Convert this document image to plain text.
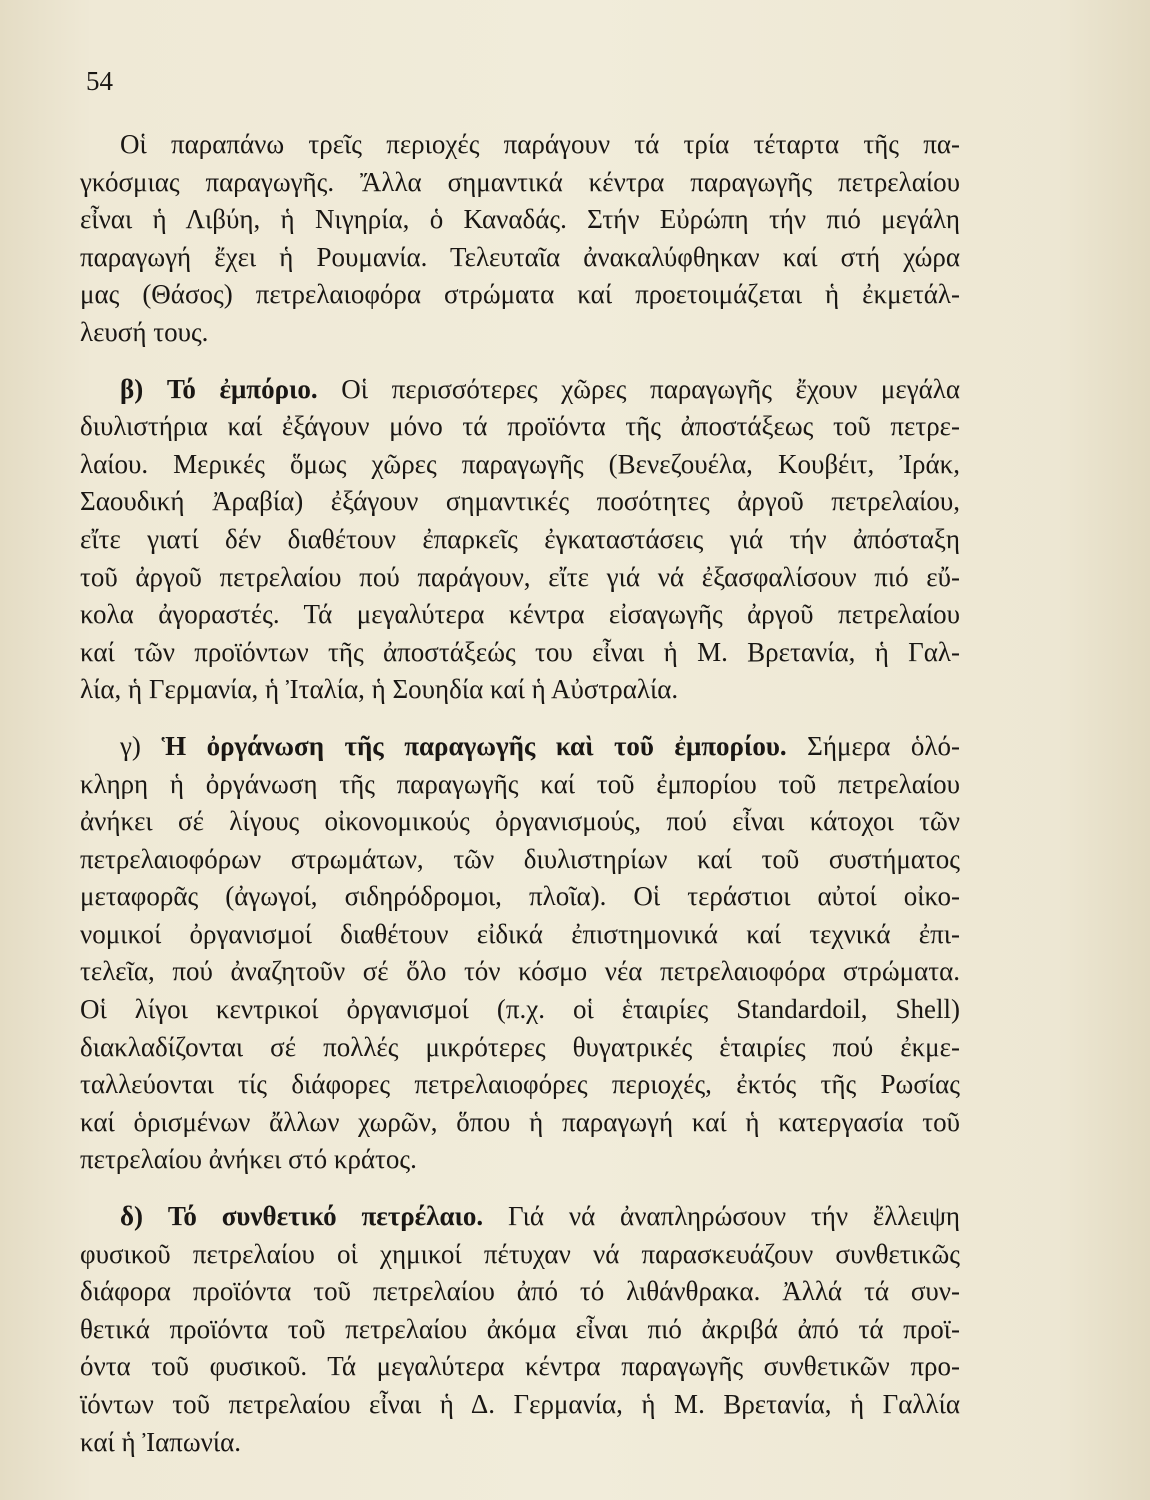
54

Οἱ παραπάνω τρεῖς περιοχές παράγουν τά τρία τέταρτα τῆς πα-
γκόσμιας παραγωγῆς. Ἄλλα σημαντικά κέντρα παραγωγῆς πετρελαίου
εἶναι ἡ Λιβύη, ἡ Νιγηρία, ὁ Καναδάς. Στήν Εὐρώπη τήν πιό μεγάλη
παραγωγή ἔχει ἡ Ρουμανία. Τελευταῖα ἀνακαλύφθηκαν καί στή χώρα
μας (Θάσος) πετρελαιοφόρα στρώματα καί προετοιμάζεται ἡ ἐκμετάλ-
λευσή τους.

β) Τό ἐμπόριο. Οἱ περισσότερες χῶρες παραγωγῆς ἔχουν μεγάλα
διυλιστήρια καί ἐξάγουν μόνο τά προϊόντα τῆς ἀποστάξεως τοῦ πετρε-
λαίου. Μερικές ὅμως χῶρες παραγωγῆς (Βενεζουέλα, Κουβέιτ, Ἰράκ,
Σαουδική Ἀραβία) ἐξάγουν σημαντικές ποσότητες ἀργοῦ πετρελαίου,
εἴτε γιατί δέν διαθέτουν ἐπαρκεῖς ἐγκαταστάσεις γιά τήν ἀπόσταξη
τοῦ ἀργοῦ πετρελαίου πού παράγουν, εἴτε γιά νά ἐξασφαλίσουν πιό εὔ-
κολα ἀγοραστές. Τά μεγαλύτερα κέντρα εἰσαγωγῆς ἀργοῦ πετρελαίου
καί τῶν προϊόντων τῆς ἀποστάξεώς του εἶναι ἡ Μ. Βρετανία, ἡ Γαλ-
λία, ἡ Γερμανία, ἡ Ἰταλία, ἡ Σουηδία καί ἡ Αὐστραλία.

γ) Ἡ ὀργάνωση τῆς παραγωγῆς καὶ τοῦ ἐμπορίου. Σήμερα ὁλό-
κληρη ἡ ὀργάνωση τῆς παραγωγῆς καί τοῦ ἐμπορίου τοῦ πετρελαίου
ἀνήκει σέ λίγους οἰκονομικούς ὀργανισμούς, πού εἶναι κάτοχοι τῶν
πετρελαιοφόρων στρωμάτων, τῶν διυλιστηρίων καί τοῦ συστήματος
μεταφορᾶς (ἀγωγοί, σιδηρόδρομοι, πλοῖα). Οἱ τεράστιοι αὐτοί οἰκο-
νομικοί ὀργανισμοί διαθέτουν εἰδικά ἐπιστημονικά καί τεχνικά ἐπι-
τελεῖα, πού ἀναζητοῦν σέ ὅλο τόν κόσμο νέα πετρελαιοφόρα στρώματα.
Οἱ λίγοι κεντρικοί ὀργανισμοί (π.χ. οἱ ἑταιρίες Standardoil, Shell)
διακλαδίζονται σέ πολλές μικρότερες θυγατρικές ἑταιρίες πού ἐκμε-
ταλλεύονται τίς διάφορες πετρελαιοφόρες περιοχές, ἐκτός τῆς Ρωσίας
καί ὁρισμένων ἄλλων χωρῶν, ὅπου ἡ παραγωγή καί ἡ κατεργασία τοῦ
πετρελαίου ἀνήκει στό κράτος.

δ) Τό συνθετικό πετρέλαιο. Γιά νά ἀναπληρώσουν τήν ἔλλειψη
φυσικοῦ πετρελαίου οἱ χημικοί πέτυχαν νά παρασκευάζουν συνθετικῶς
διάφορα προϊόντα τοῦ πετρελαίου ἀπό τό λιθάνθρακα. Ἀλλά τά συν-
θετικά προϊόντα τοῦ πετρελαίου ἀκόμα εἶναι πιό ἀκριβά ἀπό τά προϊ-
όντα τοῦ φυσικοῦ. Τά μεγαλύτερα κέντρα παραγωγῆς συνθετικῶν προ-
ϊόντων τοῦ πετρελαίου εἶναι ἡ Δ. Γερμανία, ἡ Μ. Βρετανία, ἡ Γαλλία
καί ἡ Ἰαπωνία.
